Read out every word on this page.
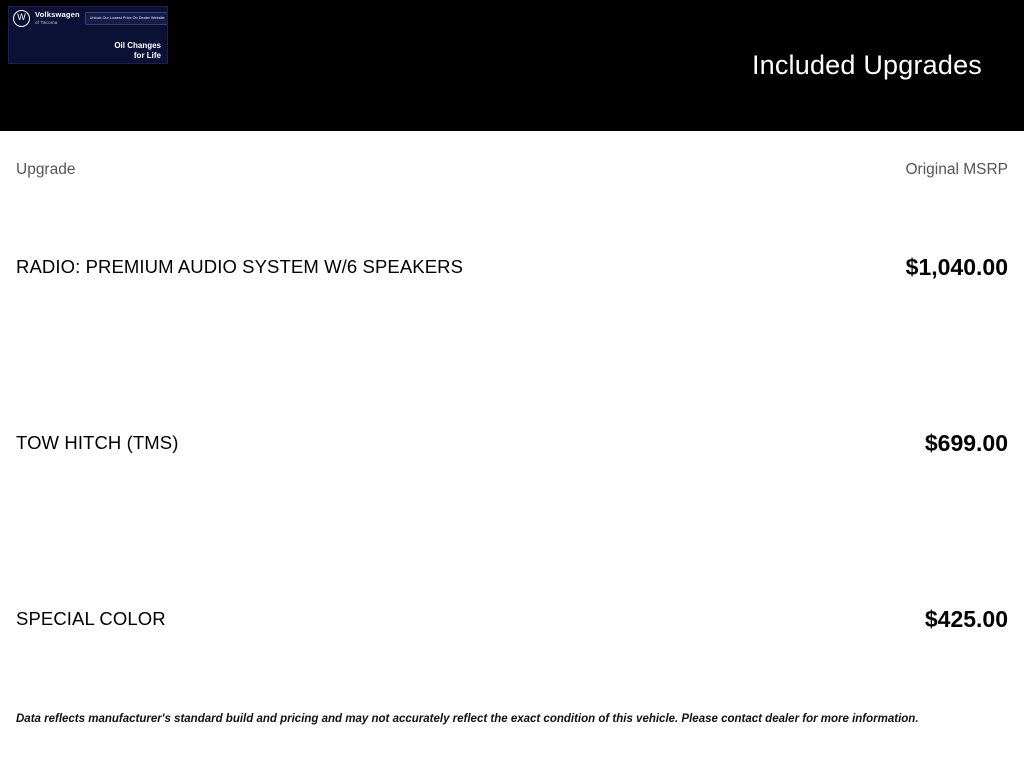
W
Volkswagen
of Tacoma
Unlock Our Lowest Price On Dealer Website
Oil Changes
for Life	Included Upgrades
Upgrade	Original MSRP
RADIO: PREMIUM AUDIO SYSTEM W/6 SPEAKERS	$1,040.00
TOW HITCH (TMS)	$699.00
SPECIAL COLOR	$425.00
Data reflects manufacturer's standard build and pricing and may not accurately reflect the exact condition of this vehicle. Please contact dealer for more information.
